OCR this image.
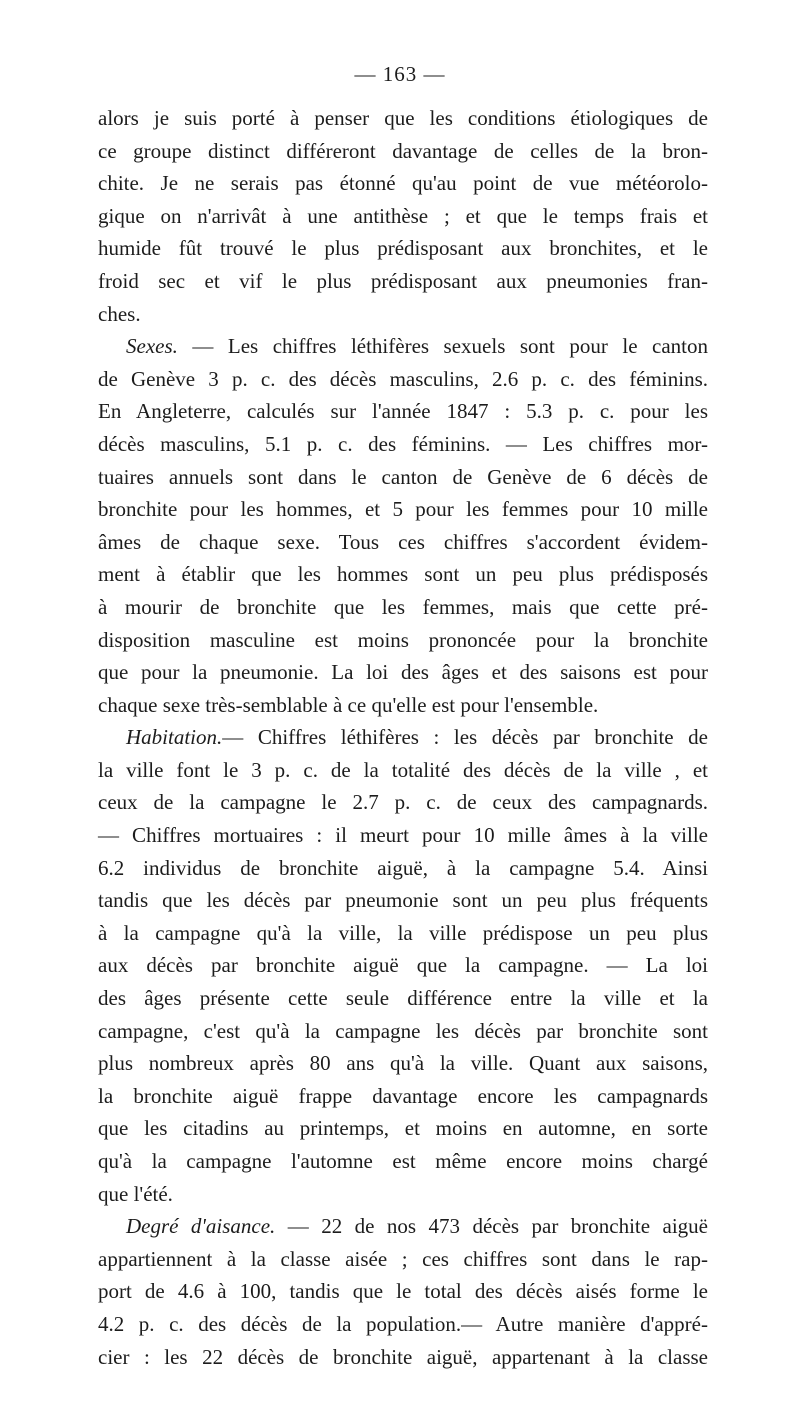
— 163 —
alors je suis porté à penser que les conditions étiologiques de
ce groupe distinct différeront davantage de celles de la bron-
chite. Je ne serais pas étonné qu'au point de vue météorolo-
gique on n'arrivât à une antithèse ; et que le temps frais et
humide fût trouvé le plus prédisposant aux bronchites, et le
froid sec et vif le plus prédisposant aux pneumonies fran-
ches.
Sexes. — Les chiffres léthifères sexuels sont pour le canton
de Genève 3 p. c. des décès masculins, 2.6 p. c. des féminins.
En Angleterre, calculés sur l'année 1847 : 5.3 p. c. pour les
décès masculins, 5.1 p. c. des féminins. — Les chiffres mor-
tuaires annuels sont dans le canton de Genève de 6 décès de
bronchite pour les hommes, et 5 pour les femmes pour 10 mille
âmes de chaque sexe. Tous ces chiffres s'accordent évidem-
ment à établir que les hommes sont un peu plus prédisposés
à mourir de bronchite que les femmes, mais que cette pré-
disposition masculine est moins prononcée pour la bronchite
que pour la pneumonie. La loi des âges et des saisons est pour
chaque sexe très-semblable à ce qu'elle est pour l'ensemble.
Habitation.— Chiffres léthifères : les décès par bronchite de
la ville font le 3 p. c. de la totalité des décès de la ville , et
ceux de la campagne le 2.7 p. c. de ceux des campagnards.
— Chiffres mortuaires : il meurt pour 10 mille âmes à la ville
6.2 individus de bronchite aiguë, à la campagne 5.4. Ainsi
tandis que les décès par pneumonie sont un peu plus fréquents
à la campagne qu'à la ville, la ville prédispose un peu plus
aux décès par bronchite aiguë que la campagne. — La loi
des âges présente cette seule différence entre la ville et la
campagne, c'est qu'à la campagne les décès par bronchite sont
plus nombreux après 80 ans qu'à la ville. Quant aux saisons,
la bronchite aiguë frappe davantage encore les campagnards
que les citadins au printemps, et moins en automne, en sorte
qu'à la campagne l'automne est même encore moins chargé
que l'été.
Degré d'aisance. — 22 de nos 473 décès par bronchite aiguë
appartiennent à la classe aisée ; ces chiffres sont dans le rap-
port de 4.6 à 100, tandis que le total des décès aisés forme le
4.2 p. c. des décès de la population.— Autre manière d'appré-
cier : les 22 décès de bronchite aiguë, appartenant à la classe
